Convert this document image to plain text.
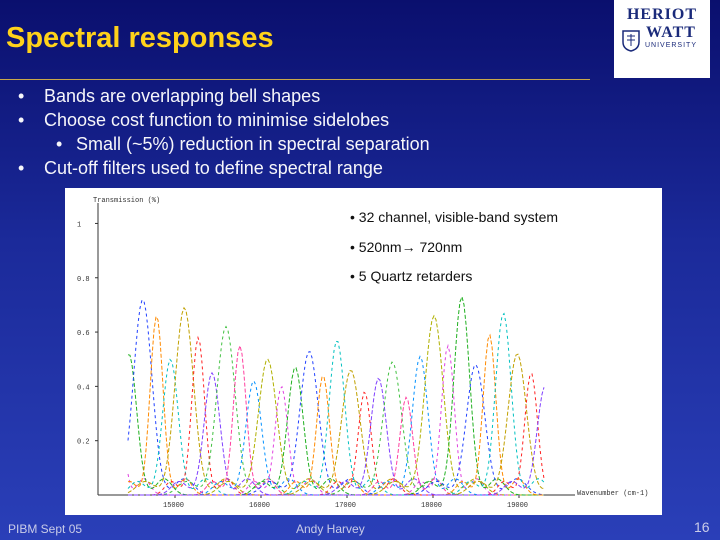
Spectral responses
HERIOT
WATT
UNIVERSITY
• Bands are overlapping bell shapes
• Choose cost function to minimise sidelobes
• Small (~5%) reduction in spectral separation
• Cut-off filters used to define spectral range
Transmission (%)
Wavenumber (cm-1)
1
0.8
0.6
0.4
0.2
15000	16000	17000	18000	19000
• 32 channel, visible-band system
• 520nm→ 720nm
• 5 Quartz retarders
PIBM Sept 05	Andy Harvey	16
